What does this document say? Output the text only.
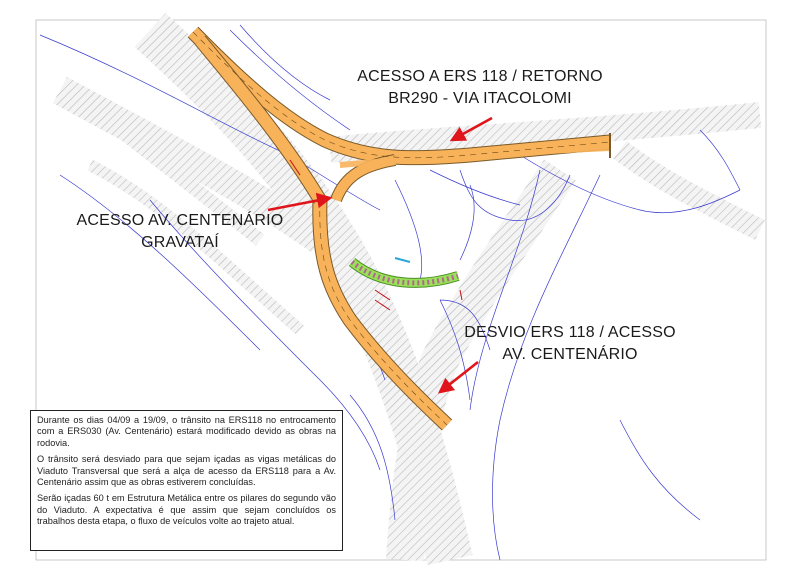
ACESSO A ERS 118 / RETORNO
BR290 - VIA ITACOLOMI
ACESSO AV. CENTENÁRIO
GRAVATAÍ
DESVIO ERS 118 / ACESSO
AV. CENTENÁRIO

Durante os dias 04/09 a 19/09, o trânsito na ERS118 no entrocamento com a ERS030 (Av. Centenário) estará modificado devido as obras na rodovia.

O trânsito será desviado para que sejam içadas as vigas metálicas do Viaduto Transversal que será a alça de acesso da ERS118 para a Av. Centenário assim que as obras estiverem concluídas.

Serão içadas 60 t em Estrutura Metálica entre os pilares do segundo vão do Viaduto. A expectativa é que assim que sejam concluídos os trabalhos desta etapa, o fluxo de veículos volte ao trajeto atual.
